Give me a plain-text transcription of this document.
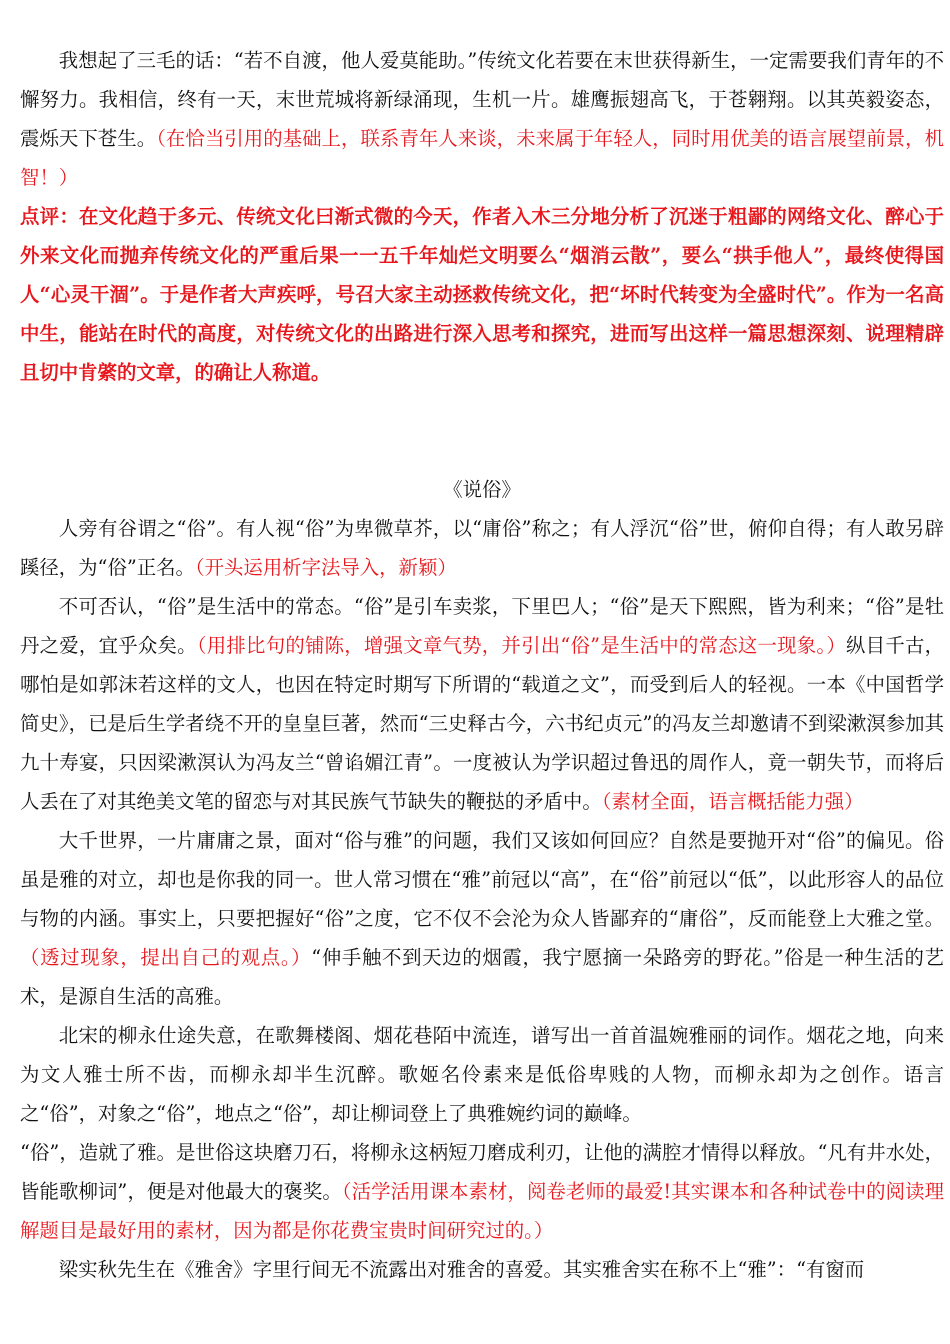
我想起了三毛的话：“若不自渡，他人爱莫能助。”传统文化若要在末世获得新生，一定需要我们青年的不懈努力。我相信，终有一天，末世荒城将新绿涌现，生机一片。雄鹰振翅高飞，于苍翱翔。以其英毅姿态，震烁天下苍生。（在恰当引用的基础上，联系青年人来谈，未来属于年轻人，同时用优美的语言展望前景，机智！）

点评：在文化趋于多元、传统文化曰渐式微的今天，作者入木三分地分析了沉迷于粗鄙的网络文化、醉心于外来文化而抛弃传统文化的严重后果一一五千年灿烂文明要么“烟消云散”，要么“拱手他人”，最终使得国人“心灵干涸”。于是作者大声疾呼，号召大家主动拯救传统文化，把“坏时代转变为全盛时代”。作为一名高中生，能站在时代的高度，对传统文化的出路进行深入思考和探究，进而写出这样一篇思想深刻、说理精辟且切中肯綮的文章，的确让人称道。

《说俗》

人旁有谷谓之“俗”。有人视“俗”为卑微草芥，以“庸俗”称之；有人浮沉“俗”世，俯仰自得；有人敢另辟蹊径，为“俗”正名。（开头运用析字法导入，新颖）

不可否认，“俗”是生活中的常态。“俗”是引车卖浆，下里巴人；“俗”是天下熙熙，皆为利来；“俗”是牡丹之爱，宜乎众矣。（用排比句的铺陈，增强文章气势，并引出“俗”是生活中的常态这一现象。）纵目千古，哪怕是如郭沫若这样的文人，也因在特定时期写下所谓的“载道之文”，而受到后人的轻视。一本《中国哲学简史》，已是后生学者绕不开的皇皇巨著，然而“三史释古今，六书纪贞元”的冯友兰却邀请不到梁漱溟参加其九十寿宴，只因梁漱溟认为冯友兰“曾谄媚江青”。一度被认为学识超过鲁迅的周作人，竟一朝失节，而将后人丢在了对其绝美文笔的留恋与对其民族气节缺失的鞭挞的矛盾中。（素材全面，语言概括能力强）

大千世界，一片庸庸之景，面对“俗与雅”的问题，我们又该如何回应？自然是要抛开对“俗”的偏见。俗虽是雅的对立，却也是你我的同一。世人常习惯在“雅”前冠以“高”，在“俗”前冠以“低”，以此形容人的品位与物的内涵。事实上，只要把握好“俗”之度，它不仅不会沦为众人皆鄙弃的“庸俗”，反而能登上大雅之堂。（透过现象，提出自己的观点。）“伸手触不到天边的烟霞，我宁愿摘一朵路旁的野花。”俗是一种生活的艺术，是源自生活的高雅。

北宋的柳永仕途失意，在歌舞楼阁、烟花巷陌中流连，谱写出一首首温婉雅丽的词作。烟花之地，向来为文人雅士所不齿，而柳永却半生沉醉。歌姬名伶素来是低俗卑贱的人物，而柳永却为之创作。语言之“俗”，对象之“俗”，地点之“俗”，却让柳词登上了典雅婉约词的巅峰。

“俗”，造就了雅。是世俗这块磨刀石，将柳永这柄短刀磨成利刃，让他的满腔才情得以释放。“凡有井水处，皆能歌柳词”，便是对他最大的褒奖。（活学活用课本素材，阅卷老师的最爱!其实课本和各种试卷中的阅读理解题目是最好用的素材，因为都是你花费宝贵时间研究过的。）

梁实秋先生在《雅舍》字里行间无不流露出对雅舍的喜爱。其实雅舍实在称不上“雅”：“有窗而
